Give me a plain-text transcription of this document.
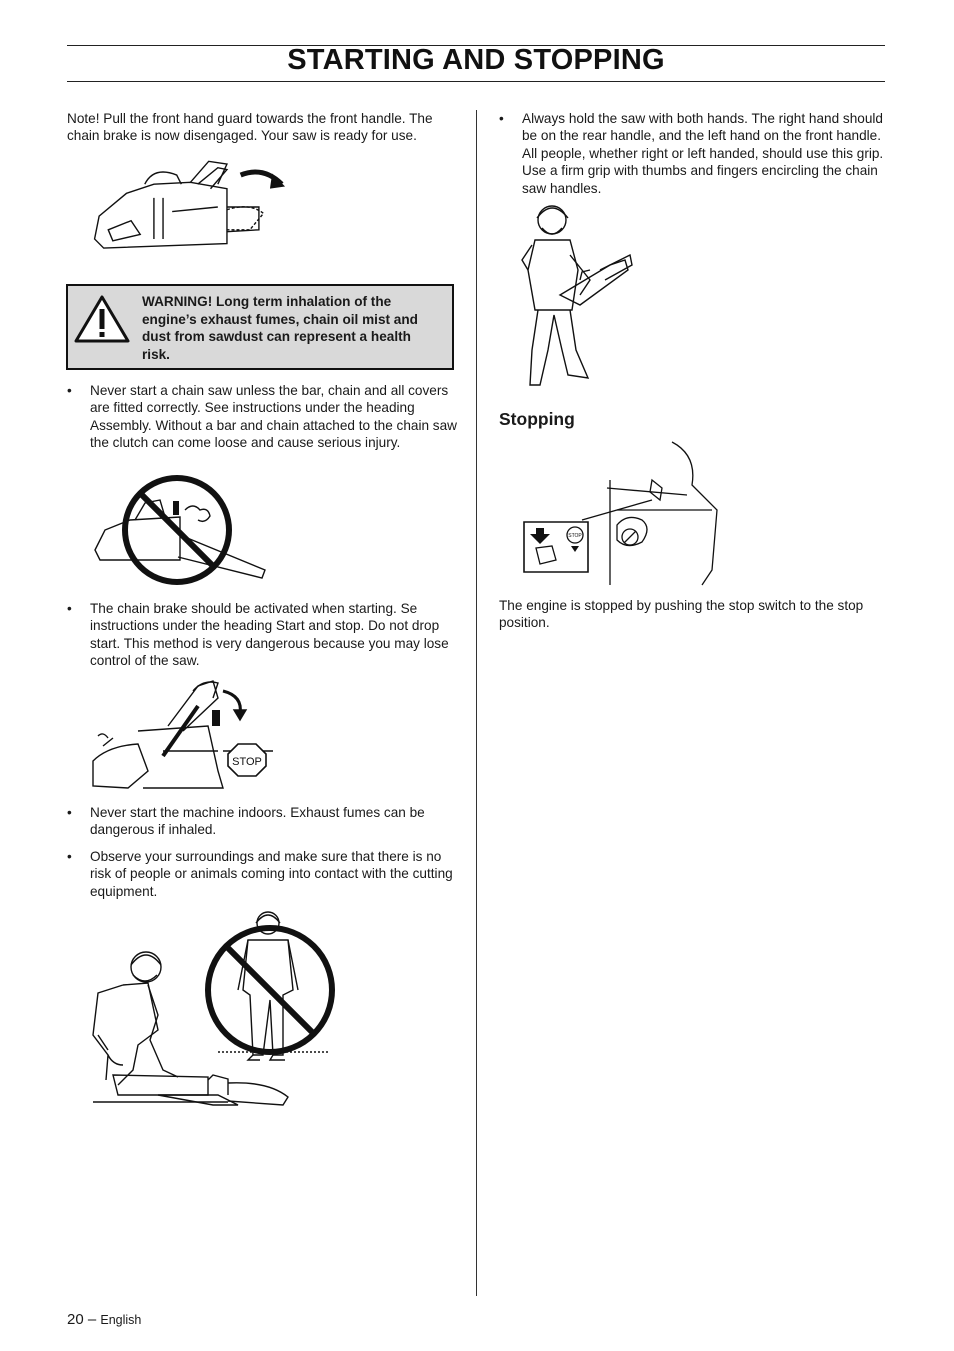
STARTING AND STOPPING

Note! Pull the front hand guard towards the front handle. The chain brake is now disengaged. Your saw is ready for use.

WARNING! Long term inhalation of the engine’s exhaust fumes, chain oil mist and dust from sawdust can represent a health risk.
• Never start a chain saw unless the bar, chain and all covers are fitted correctly. See instructions under the heading Assembly. Without a bar and chain attached to the chain saw the clutch can come loose and cause serious injury.
• The chain brake should be activated when starting. Se instructions under the heading Start and stop. Do not drop start. This method is very dangerous because you may lose control of the saw.
STOP
• Never start the machine indoors. Exhaust fumes can be dangerous if inhaled.
• Observe your surroundings and make sure that there is no risk of people or animals coming into contact with the cutting equipment.
• Always hold the saw with both hands. The right hand should be on the rear handle, and the left hand on the front handle. All people, whether right or left handed, should use this grip. Use a firm grip with thumbs and fingers encircling the chain saw handles.
Stopping
STOP

The engine is stopped by pushing the stop switch to the stop position.

20 – English
